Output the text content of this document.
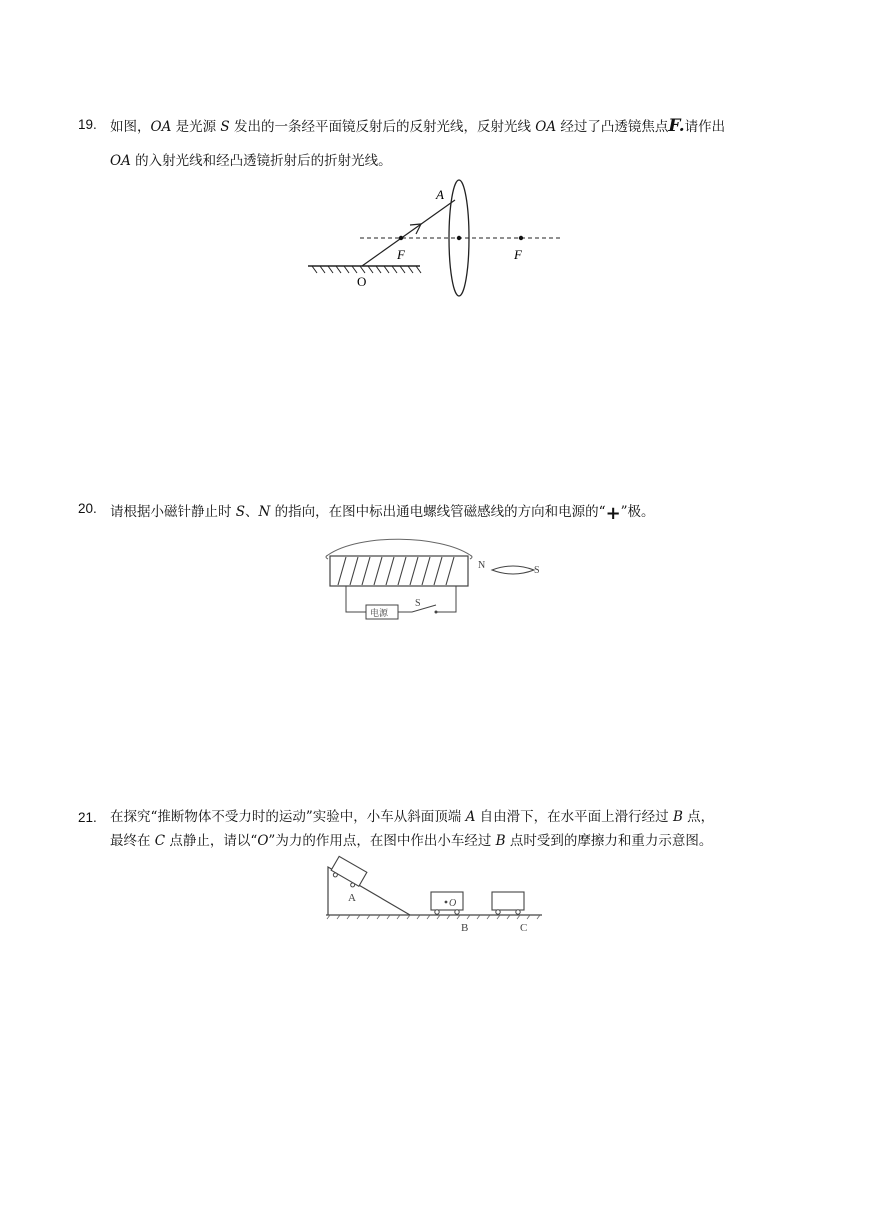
19. 如图，OA 是光源 S 发出的一条经平面镜反射后的反射光线，反射光线 OA 经过了凸透镜焦点F.请作出
OA 的入射光线和经凸透镜折射后的折射光线。
A
F	F
O
20. 请根据小磁针静止时 S、N 的指向，在图中标出通电螺线管磁感线的方向和电源的“+”极。
电源
S
N	S
21. 在探究“推断物体不受力时的运动”实验中，小车从斜面顶端 A 自由滑下，在水平面上滑行经过 B 点，
最终在 C 点静止，请以“O”为力的作用点，在图中作出小车经过 B 点时受到的摩擦力和重力示意图。
A	O
B	C
